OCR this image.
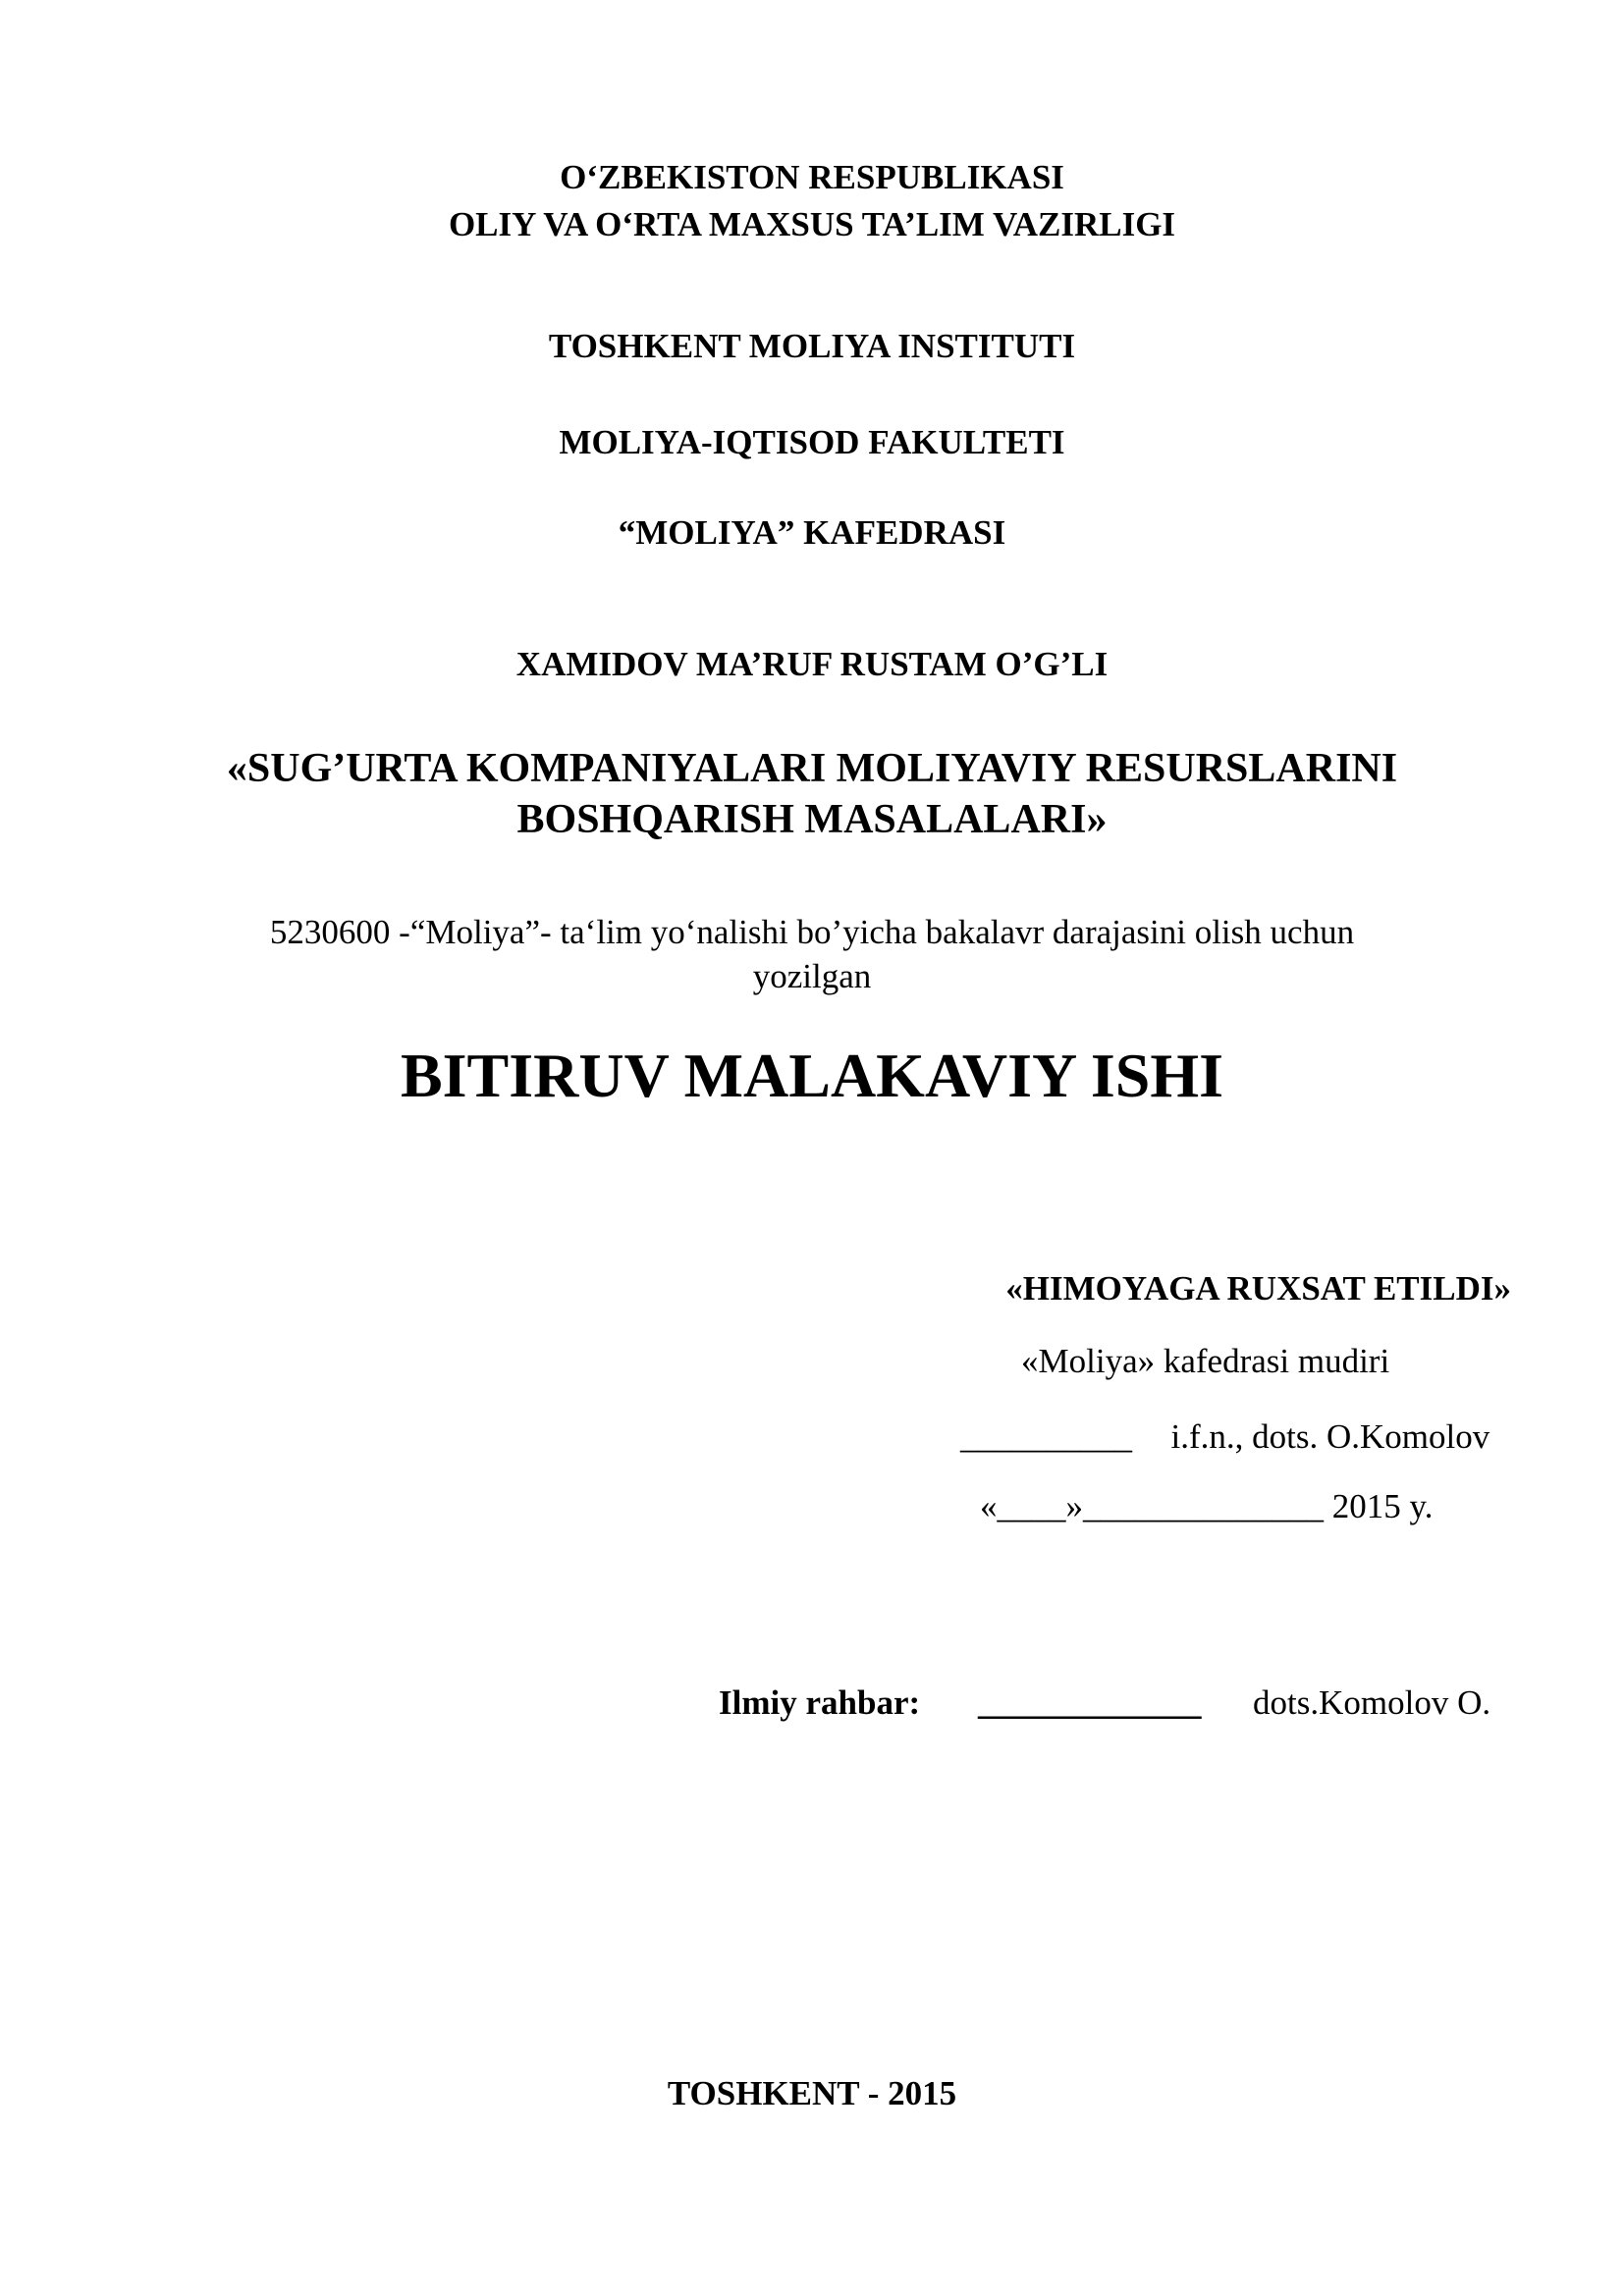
O‘ZBEKISTON RESPUBLIKASI
OLIY VA O‘RTA MAXSUS TA’LIM VAZIRLIGI
TOSHKENT MOLIYA INSTITUTI
MOLIYA-IQTISOD FAKULTETI
“MOLIYA” KAFEDRASI
XAMIDOV MA’RUF RUSTAM O’G’LI
«SUG’URTA KOMPANIYALARI MOLIYAVIY RESURSLARINI
BOSHQARISH MASALALARI»
5230600 -“Moliya”- ta‘lim yo‘nalishi bo’yicha bakalavr darajasini olish uchun
yozilgan
BITIRUV MALAKAVIY ISHI
«HIMOYAGA RUXSAT ETILDI»
«Moliya» kafedrasi mudiri
__________ i.f.n., dots. O.Komolov
«____»______________ 2015 y.
Ilmiy rahbar: _____________ dots.Komolov O.
TOSHKENT - 2015
